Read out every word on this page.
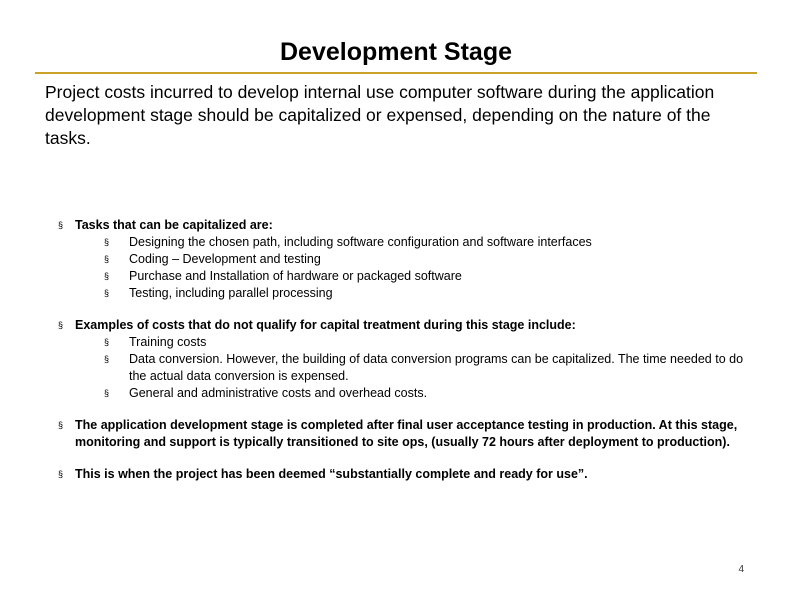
Development Stage
Project costs incurred to develop internal use computer software during the application development stage should be capitalized or expensed, depending on the nature of the tasks.
§ Tasks that can be capitalized are:
§ Designing the chosen path, including software configuration and software interfaces
§ Coding – Development and testing
§ Purchase and Installation of hardware or packaged software
§ Testing, including parallel processing
§ Examples of costs that do not qualify for capital treatment during this stage include:
§ Training costs
§ Data conversion. However, the building of data conversion programs can be capitalized. The time needed to do the actual data conversion is expensed.
§ General and administrative costs and overhead costs.
§ The application development stage is completed after final user acceptance testing in production. At this stage, monitoring and support is typically transitioned to site ops, (usually 72 hours after deployment to production).
§ This is when the project has been deemed “substantially complete and ready for use”.
4
